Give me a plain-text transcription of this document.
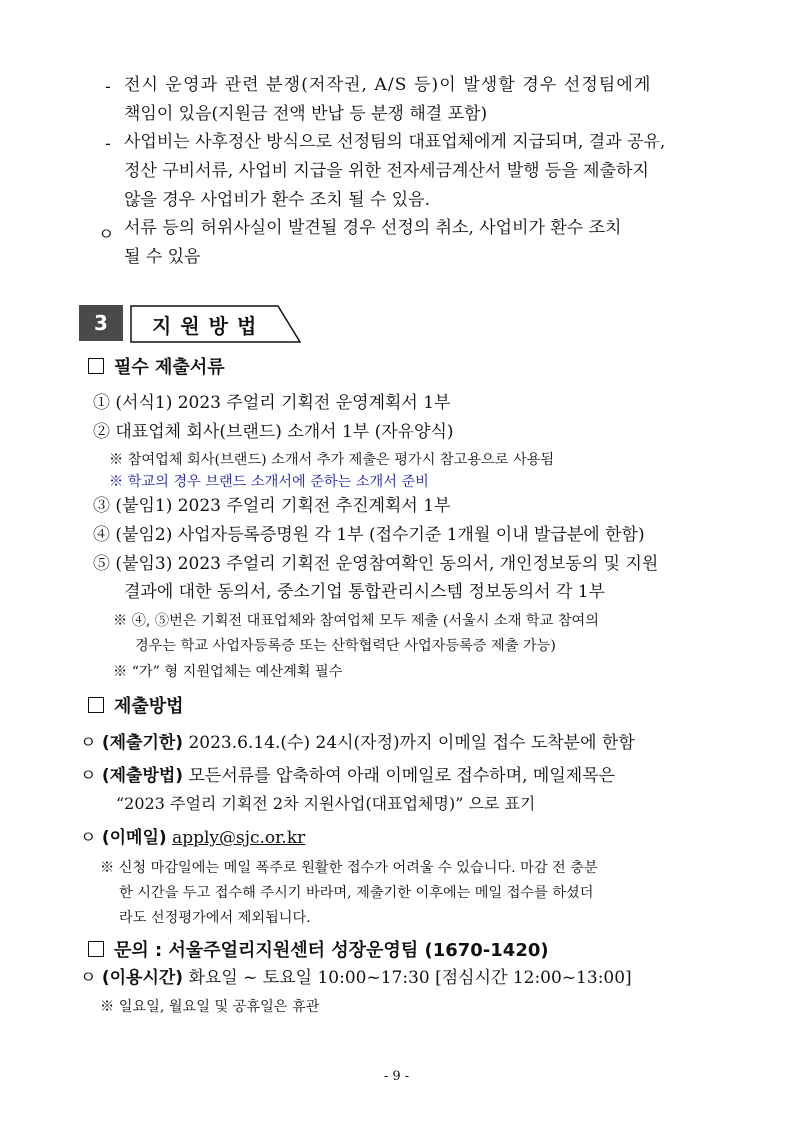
- 전시 운영과 관련 분쟁(저작권, A/S 등)이 발생할 경우 선정팀에게
책임이 있음(지원금 전액 반납 등 분쟁 해결 포함)
- 사업비는 사후정산 방식으로 선정팀의 대표업체에게 지급되며, 결과 공유,
정산 구비서류, 사업비 지급을 위한 전자세금계산서 발행 등을 제출하지
않을 경우 사업비가 환수 조치 될 수 있음.
ㅇ 서류 등의 허위사실이 발견될 경우 선정의 취소, 사업비가 환수 조치
될 수 있음
3	지원방법
필수 제출서류
① (서식1) 2023 주얼리 기획전 운영계획서 1부
② 대표업체 회사(브랜드) 소개서 1부 (자유양식)
※ 참여업체 회사(브랜드) 소개서 추가 제출은 평가시 참고용으로 사용됨
※ 학교의 경우 브랜드 소개서에 준하는 소개서 준비
③ (붙임1) 2023 주얼리 기획전 추진계획서 1부
④ (붙임2) 사업자등록증명원 각 1부 (접수기준 1개월 이내 발급분에 한함)
⑤ (붙임3) 2023 주얼리 기획전 운영참여확인 동의서, 개인정보동의 및 지원
결과에 대한 동의서, 중소기업 통합관리시스템 정보동의서 각 1부
※ ④, ⑤번은 기획전 대표업체와 참여업체 모두 제출 (서울시 소재 학교 참여의
경우는 학교 사업자등록증 또는 산학협력단 사업자등록증 제출 가능)
※ “가” 형 지원업체는 예산계획 필수
제출방법
ㅇ (제출기한) 2023.6.14.(수) 24시(자정)까지 이메일 접수 도착분에 한함
ㅇ (제출방법) 모든서류를 압축하여 아래 이메일로 접수하며, 메일제목은
“2023 주얼리 기획전 2차 지원사업(대표업체명)” 으로 표기
ㅇ (이메일) apply@sjc.or.kr
※ 신청 마감일에는 메일 폭주로 원활한 접수가 어려울 수 있습니다. 마감 전 충분
한 시간을 두고 접수해 주시기 바라며, 제출기한 이후에는 메일 접수를 하셨더
라도 선정평가에서 제외됩니다.
문의 : 서울주얼리지원센터 성장운영팀 (1670-1420)
ㅇ (이용시간) 화요일 ~ 토요일 10:00~17:30 [점심시간 12:00~13:00]
※ 일요일, 월요일 및 공휴일은 휴관
- 9 -
